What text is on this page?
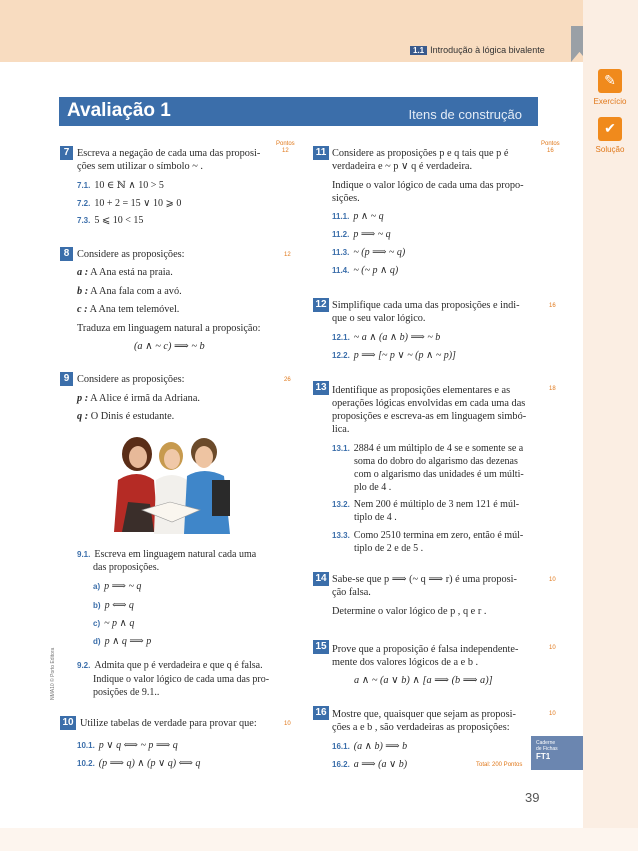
1.1 Introdução à lógica bivalente
✎
Exercício
✔
Solução
Avaliação 1	Itens de construção
7
Pontos
12
Escreva a negação de cada uma das proposi-
ções sem utilizar o símbolo ~ .
7.1. 10 ∈ ℕ ∧ 10 > 5
7.2. 10 + 2 = 15 ∨ 10 ⩾ 0
7.3. 5 ⩽ 10 < 15
8	12
Considere as proposições:
a : A Ana está na praia.
b : A Ana fala com a avó.
c : A Ana tem telemóvel.
Traduza em linguagem natural a proposição:
(a ∧ ~ c) ⟹ ~ b
9	26
Considere as proposições:
p : A Alice é irmã da Adriana.
q : O Dinis é estudante.
9.1. Escreva em linguagem natural cada uma
das proposições.
a) p ⟹ ~ q
b) p ⟺ q
c) ~ p ∧ q
d) p ∧ q ⟹ p
9.2. Admita que p é verdadeira e que q é falsa.
Indique o valor lógico de cada uma das pro-
posições de 9.1..
10	10
Utilize tabelas de verdade para provar que:
10.1. p ∨ q ⟺ ~ p ⟹ q
10.2. (p ⟹ q) ∧ (p ∨ q) ⟺ q
11
Pontos
16
Considere as proposições p e q tais que p é
verdadeira e ~ p ∨ q é verdadeira.
Indique o valor lógico de cada uma das propo-
sições.
11.1. p ∧ ~ q
11.2. p ⟹ ~ q
11.3. ~ (p ⟹ ~ q)
11.4. ~ (~ p ∧ q)
12	16
Simplifique cada uma das proposições e indi-
que o seu valor lógico.
12.1. ~ a ∧ (a ∧ b) ⟹ ~ b
12.2. p ⟹ [~ p ∨ ~ (p ∧ ~ p)]
13	18
Identifique as proposições elementares e as
operações lógicas envolvidas em cada uma das
proposições e escreva-as em linguagem simbó-
lica.
13.1. 2884 é um múltiplo de 4 se e somente se a
soma do dobro do algarismo das dezenas
com o algarismo das unidades é um múlti-
plo de 4 .
13.2. Nem 200 é múltiplo de 3 nem 121 é múl-
tiplo de 4 .
13.3. Como 2510 termina em zero, então é múl-
tiplo de 2 e de 5 .
14	10
Sabe-se que p ⟹ (~ q ⟹ r) é uma proposi-
ção falsa.
Determine o valor lógico de p , q e r .
15	10
Prove que a proposição é falsa independente-
mente dos valores lógicos de a e b .
a ∧ ~ (a ∨ b) ∧ [a ⟹ (b ⟹ a)]
16	10
Mostre que, quaisquer que sejam as proposi-
ções a e b , são verdadeiras as proposições:
16.1. (a ∧ b) ⟹ b
16.2. a ⟹ (a ∨ b)	Total: 200 Pontos
Caderne
de Fichas
FT1
NMA10 © Porto Editora
39
